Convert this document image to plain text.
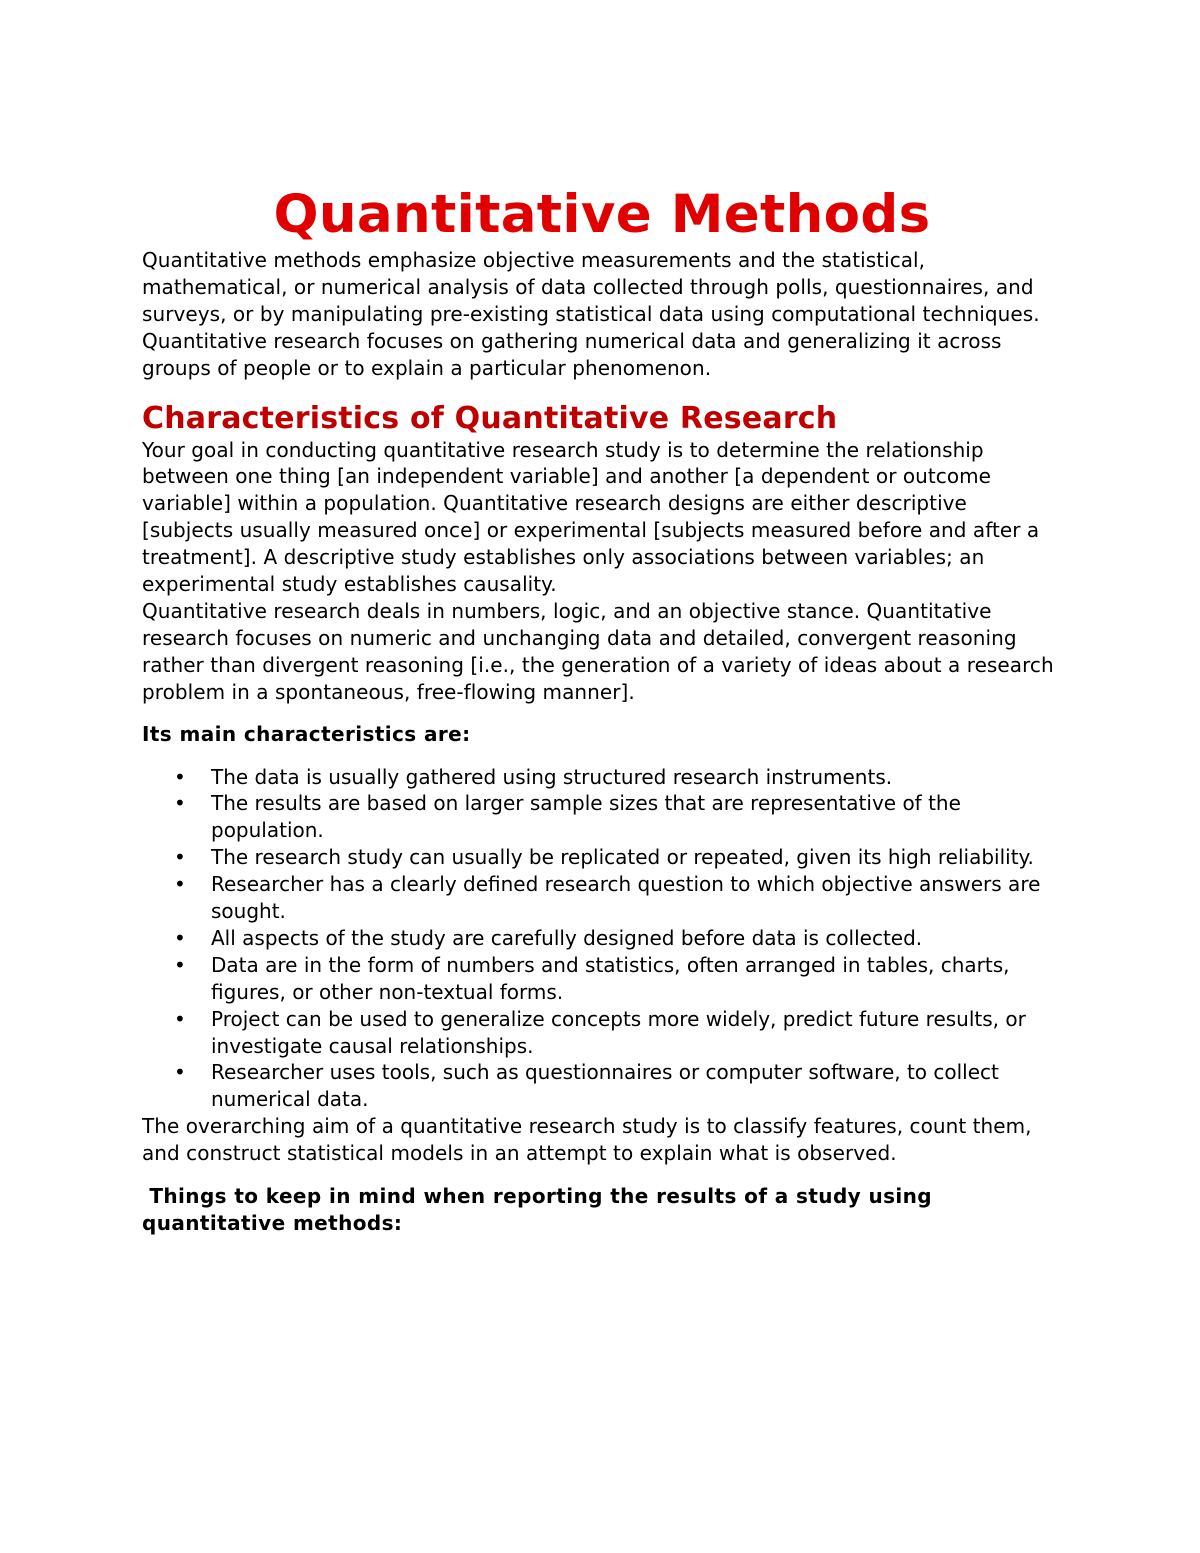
Quantitative Methods

Quantitative methods emphasize objective measurements and the statistical, mathematical, or numerical analysis of data collected through polls, questionnaires, and surveys, or by manipulating pre-existing statistical data using computational techniques. Quantitative research focuses on gathering numerical data and generalizing it across groups of people or to explain a particular phenomenon.

Characteristics of Quantitative Research

Your goal in conducting quantitative research study is to determine the relationship between one thing [an independent variable] and another [a dependent or outcome variable] within a population. Quantitative research designs are either descriptive [subjects usually measured once] or experimental [subjects measured before and after a treatment]. A descriptive study establishes only associations between variables; an experimental study establishes causality.

Quantitative research deals in numbers, logic, and an objective stance. Quantitative research focuses on numeric and unchanging data and detailed, convergent reasoning rather than divergent reasoning [i.e., the generation of a variety of ideas about a research problem in a spontaneous, free-flowing manner].

Its main characteristics are:

• The data is usually gathered using structured research instruments.
• The results are based on larger sample sizes that are representative of the population.
• The research study can usually be replicated or repeated, given its high reliability.
• Researcher has a clearly defined research question to which objective answers are sought.
• All aspects of the study are carefully designed before data is collected.
• Data are in the form of numbers and statistics, often arranged in tables, charts, figures, or other non-textual forms.
• Project can be used to generalize concepts more widely, predict future results, or investigate causal relationships.
• Researcher uses tools, such as questionnaires or computer software, to collect numerical data.

The overarching aim of a quantitative research study is to classify features, count them, and construct statistical models in an attempt to explain what is observed.

Things to keep in mind when reporting the results of a study using quantitative methods:
